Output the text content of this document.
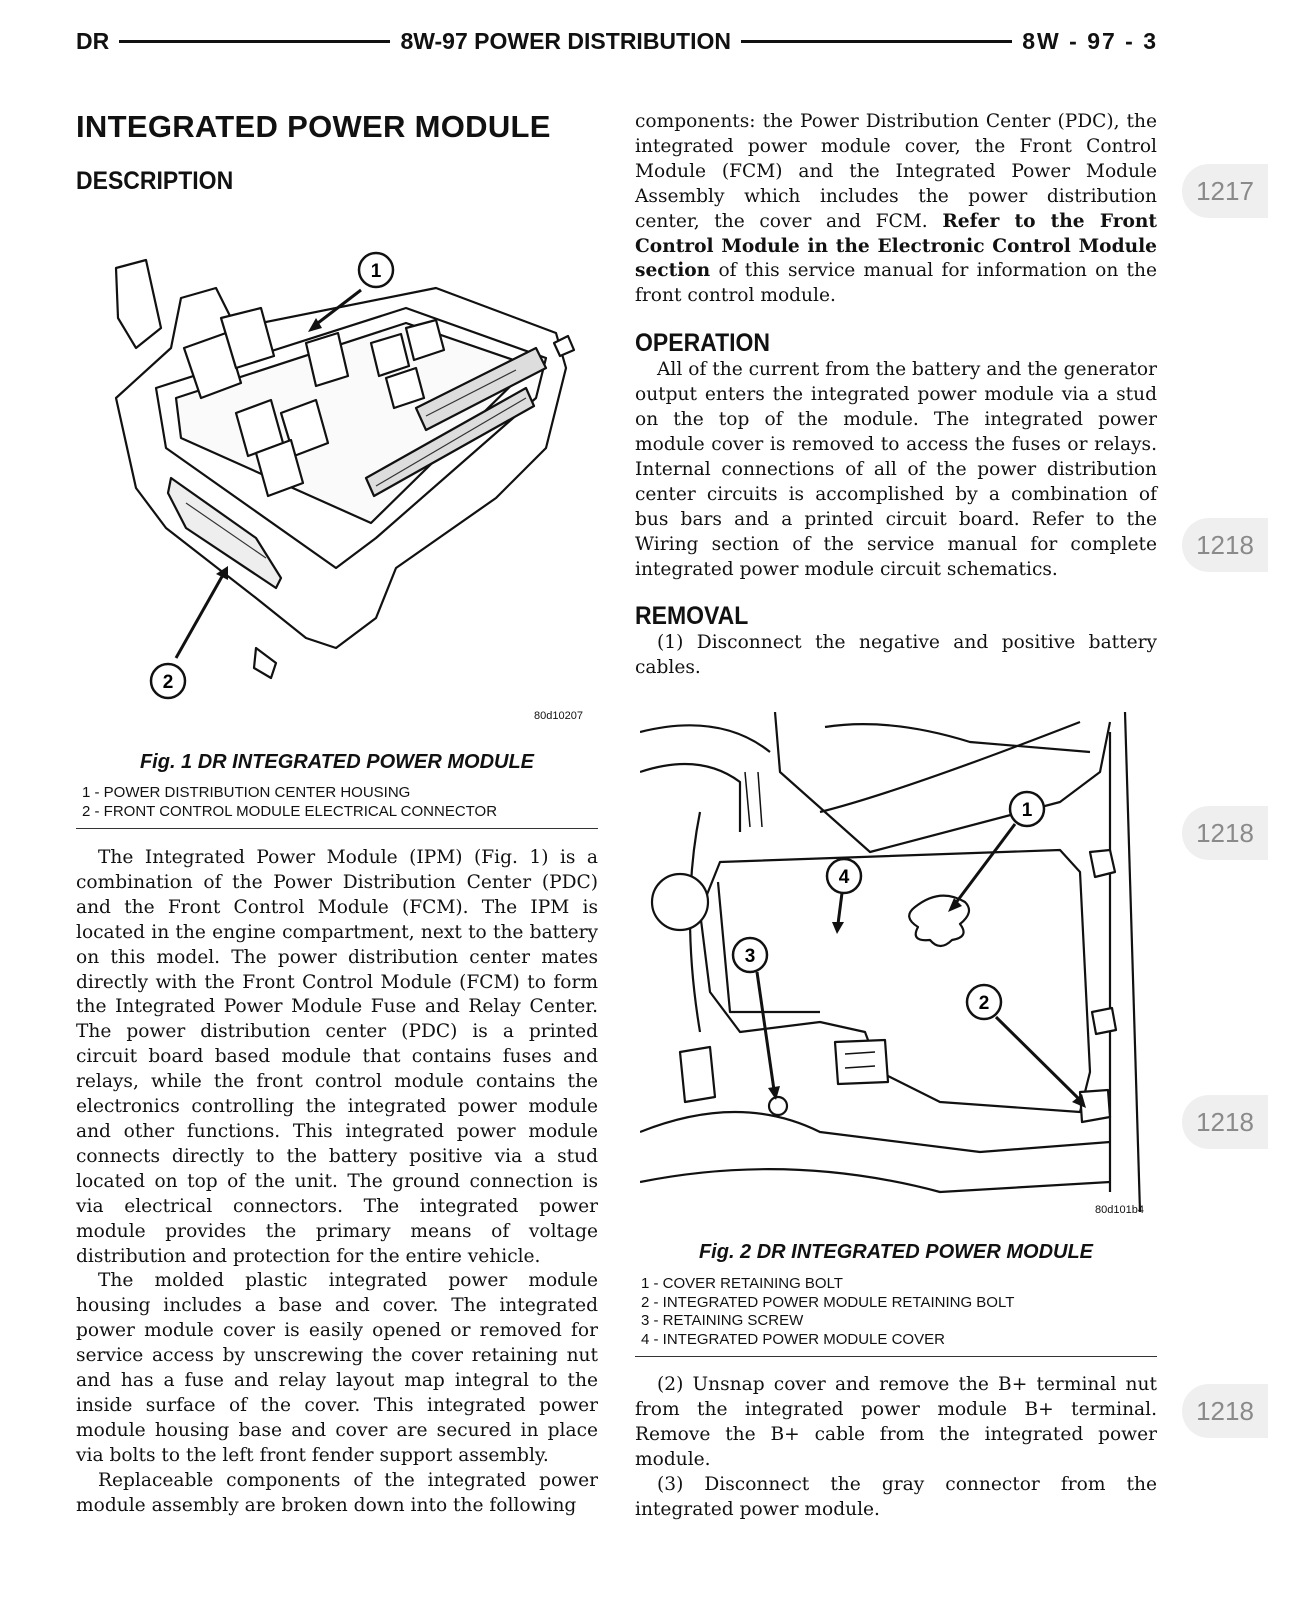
DR	8W-97 POWER DISTRIBUTION	8W - 97 - 3
INTEGRATED POWER MODULE
DESCRIPTION
1
2
80d10207
Fig. 1 DR INTEGRATED POWER MODULE
1 - POWER DISTRIBUTION CENTER HOUSING
2 - FRONT CONTROL MODULE ELECTRICAL CONNECTOR

The Integrated Power Module (IPM) (Fig. 1) is a combination of the Power Distribution Center (PDC) and the Front Control Module (FCM). The IPM is located in the engine compartment, next to the battery on this model. The power distribution center mates directly with the Front Control Module (FCM) to form the Integrated Power Module Fuse and Relay Center. The power distribution center (PDC) is a printed circuit board based module that contains fuses and relays, while the front control module contains the electronics controlling the integrated power module and other functions. This integrated power module connects directly to the battery positive via a stud located on top of the unit. The ground connection is via electrical connectors. The integrated power module provides the primary means of voltage distribution and protection for the entire vehicle.

The molded plastic integrated power module housing includes a base and cover. The integrated power module cover is easily opened or removed for service access by unscrewing the cover retaining nut and has a fuse and relay layout map integral to the inside surface of the cover. This integrated power module housing base and cover are secured in place via bolts to the left front fender support assembly.

Replaceable components of the integrated power module assembly are broken down into the following

components: the Power Distribution Center (PDC), the integrated power module cover, the Front Control Module (FCM) and the Integrated Power Module Assembly which includes the power distribution center, the cover and FCM. Refer to the Front Control Module in the Electronic Control Module section of this service manual for information on the front control module.

OPERATION

All of the current from the battery and the generator output enters the integrated power module via a stud on the top of the module. The integrated power module cover is removed to access the fuses or relays. Internal connections of all of the power distribution center circuits is accomplished by a combination of bus bars and a printed circuit board. Refer to the Wiring section of the service manual for complete integrated power module circuit schematics.

REMOVAL

(1) Disconnect the negative and positive battery cables.

1
2
3
4
80d101b4
Fig. 2 DR INTEGRATED POWER MODULE
1 - COVER RETAINING BOLT
2 - INTEGRATED POWER MODULE RETAINING BOLT
3 - RETAINING SCREW
4 - INTEGRATED POWER MODULE COVER

(2) Unsnap cover and remove the B+ terminal nut from the integrated power module B+ terminal. Remove the B+ cable from the integrated power module.

(3) Disconnect the gray connector from the integrated power module.

1217
1218
1218
1218
1218
